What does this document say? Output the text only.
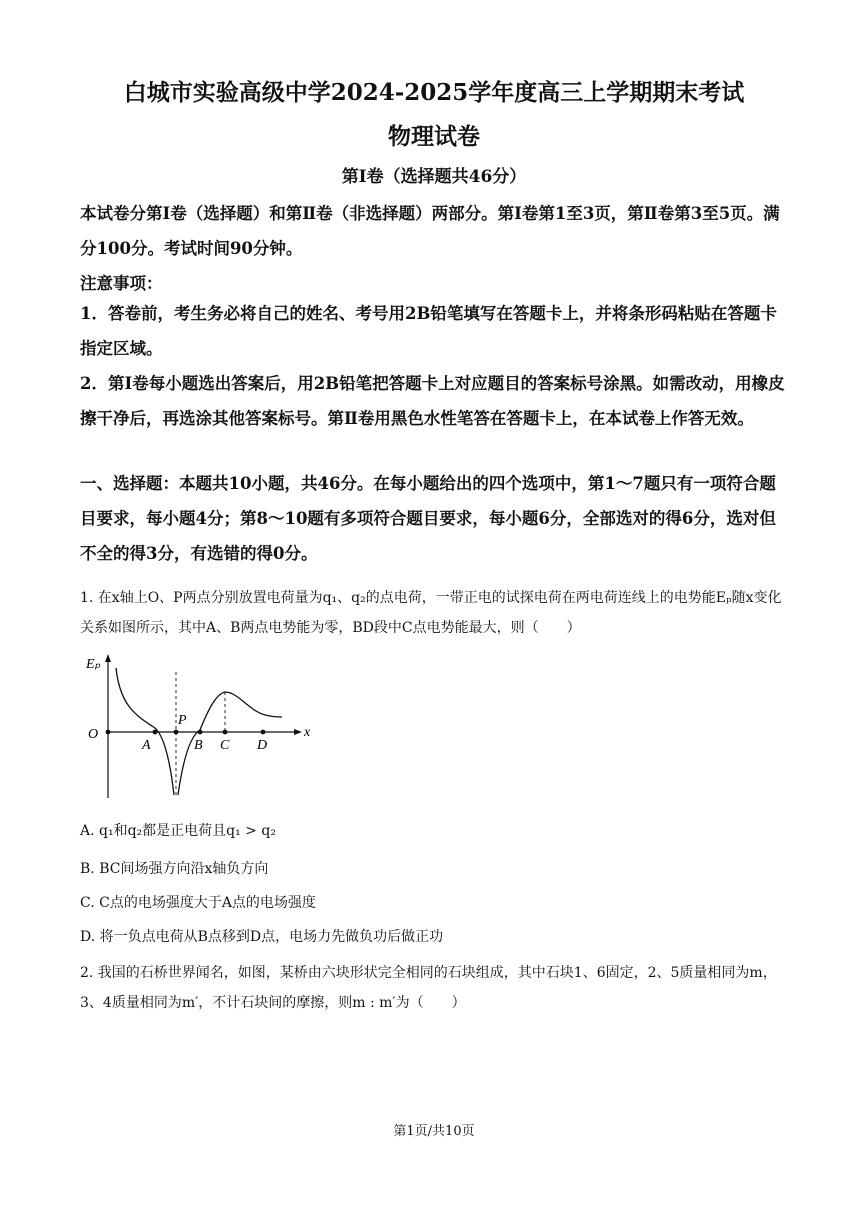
白城市实验高级中学2024-2025学年度高三上学期期末考试
物理试卷
第Ⅰ卷（选择题共46分）
本试卷分第Ⅰ卷（选择题）和第Ⅱ卷（非选择题）两部分。第Ⅰ卷第1至3页，第Ⅱ卷第3至5页。满分100分。考试时间90分钟。
注意事项：
1．答卷前，考生务必将自己的姓名、考号用2B铅笔填写在答题卡上，并将条形码粘贴在答题卡指定区域。
2．第Ⅰ卷每小题选出答案后，用2B铅笔把答题卡上对应题目的答案标号涂黑。如需改动，用橡皮擦干净后，再选涂其他答案标号。第Ⅱ卷用黑色水性笔答在答题卡上，在本试卷上作答无效。
一、选择题：本题共10小题，共46分。在每小题给出的四个选项中，第1～7题只有一项符合题目要求，每小题4分；第8～10题有多项符合题目要求，每小题6分，全部选对的得6分，选对但不全的得3分，有选错的得0分。
1. 在x轴上O、P两点分别放置电荷量为q₁、q₂的点电荷，一带正电的试探电荷在两电荷连线上的电势能Eₚ随x变化关系如图所示，其中A、B两点电势能为零，BD段中C点电势能最大，则（　　）
Eₚ
x
O
A
P
B C D
A. q₁和q₂都是正电荷且q₁ > q₂
B. BC间场强方向沿x轴负方向
C. C点的电场强度大于A点的电场强度
D. 将一负点电荷从B点移到D点，电场力先做负功后做正功
2. 我国的石桥世界闻名，如图，某桥由六块形状完全相同的石块组成，其中石块1、6固定，2、5质量相同为m，3、4质量相同为m′，不计石块间的摩擦，则m : m′为（　　）
第1页/共10页
